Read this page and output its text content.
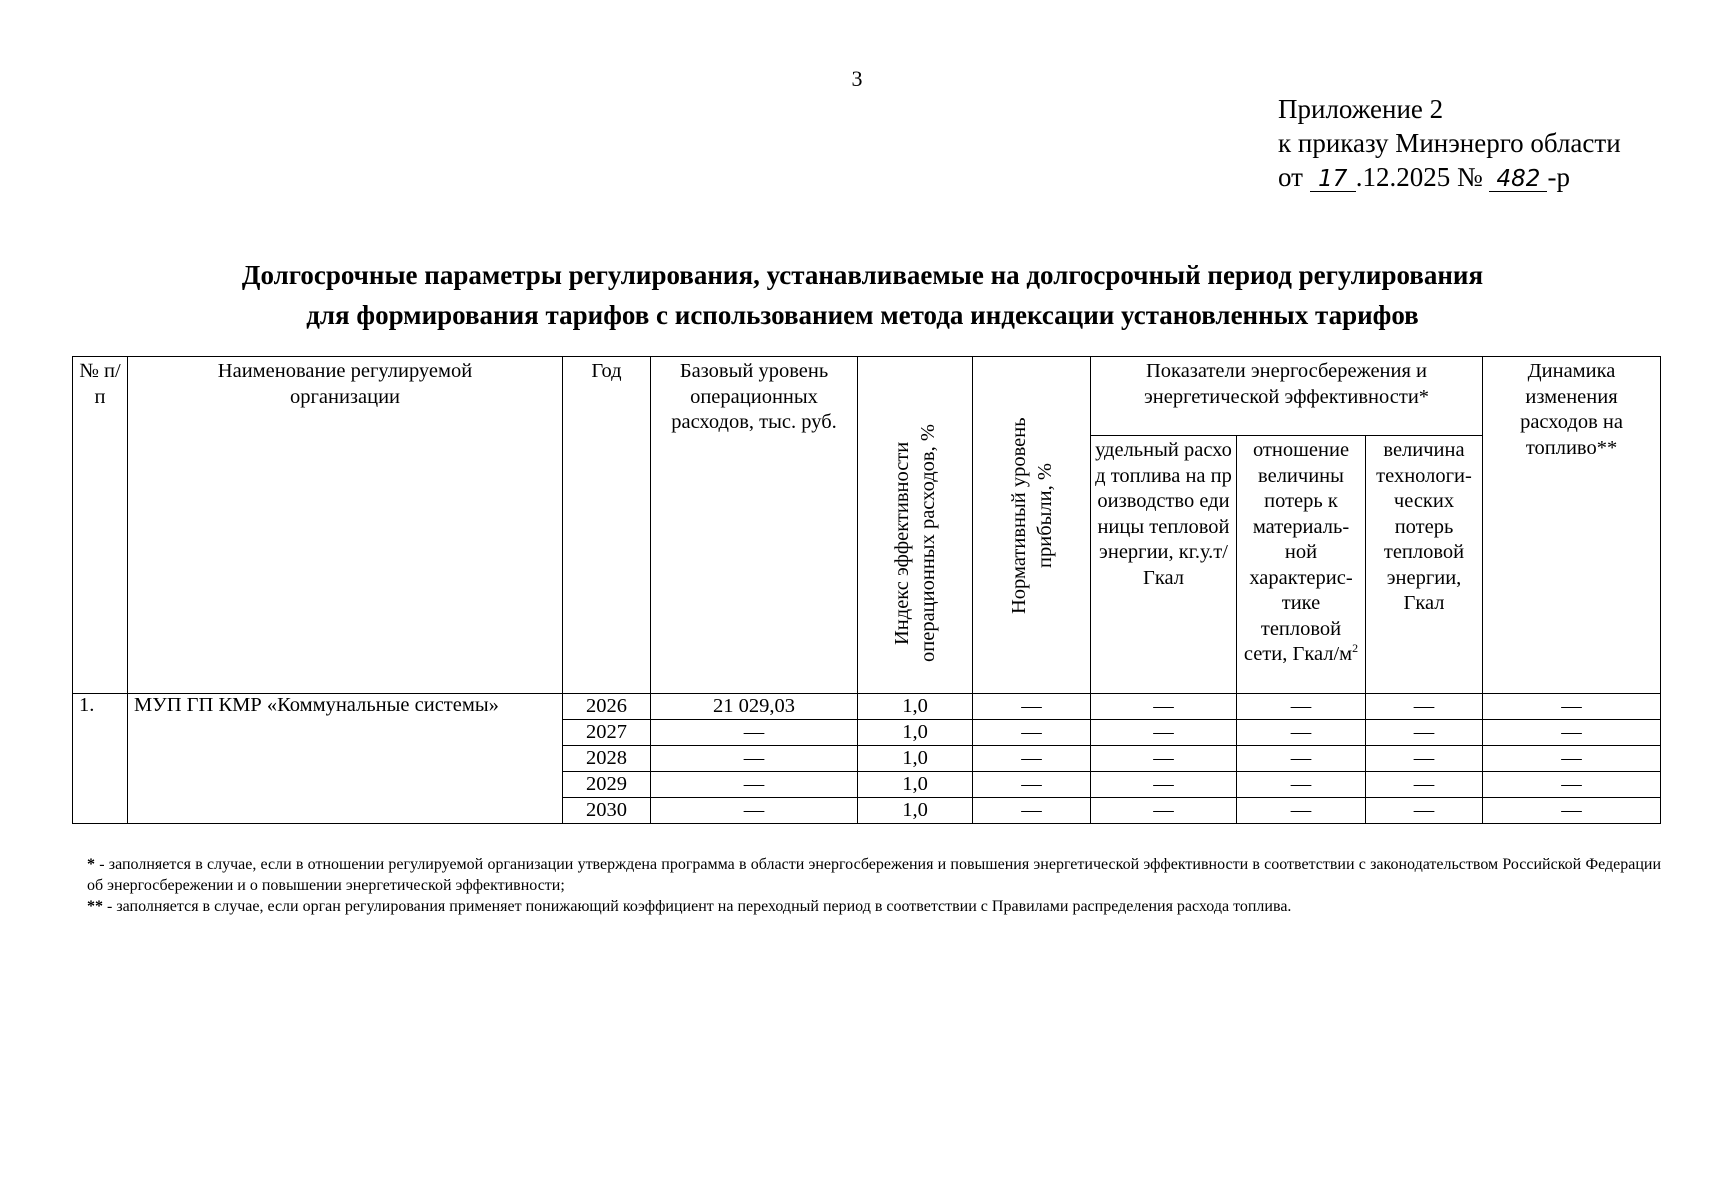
3
Приложение 2
к приказу Минэнерго области
от 17 .12.2025 № 482 -р
Долгосрочные параметры регулирования, устанавливаемые на долгосрочный период регулирования
для формирования тарифов с использованием метода индексации установленных тарифов
№ п/п	Наименование регулируемой организации	Год	Базовый уровень операционных расходов, тыс. руб.	Индекс эффективности операционных расходов, %	Нормативный уровень прибыли, %	Показатели энергосбережения и энергетической эффективности*			Динамика изменения расходов на топливо**
						удельный расход топлива на производство единицы тепловой энергии, кг.у.т/Гкал	отношение величины потерь к материаль-ной характерис-тике тепловой сети, Гкал/$м^2$	величина технологи-ческих потерь тепловой энергии, Гкал	
1.	МУП ГП КМР «Коммунальные системы»	2026	21 029,03	1,0	—	—	—	—	—
		2027	—	1,0	—	—	—	—	—
		2028	—	1,0	—	—	—	—	—
		2029	—	1,0	—	—	—	—	—
		2030	—	1,0	—	—	—	—	—

* - заполняется в случае, если в отношении регулируемой организации утверждена программа в области энергосбережения и повышения энергетической эффективности в соответствии с законодательством Российской Федерации об энергосбережении и о повышении энергетической эффективности;

** - заполняется в случае, если орган регулирования применяет понижающий коэффициент на переходный период в соответствии с Правилами распределения расхода топлива.
